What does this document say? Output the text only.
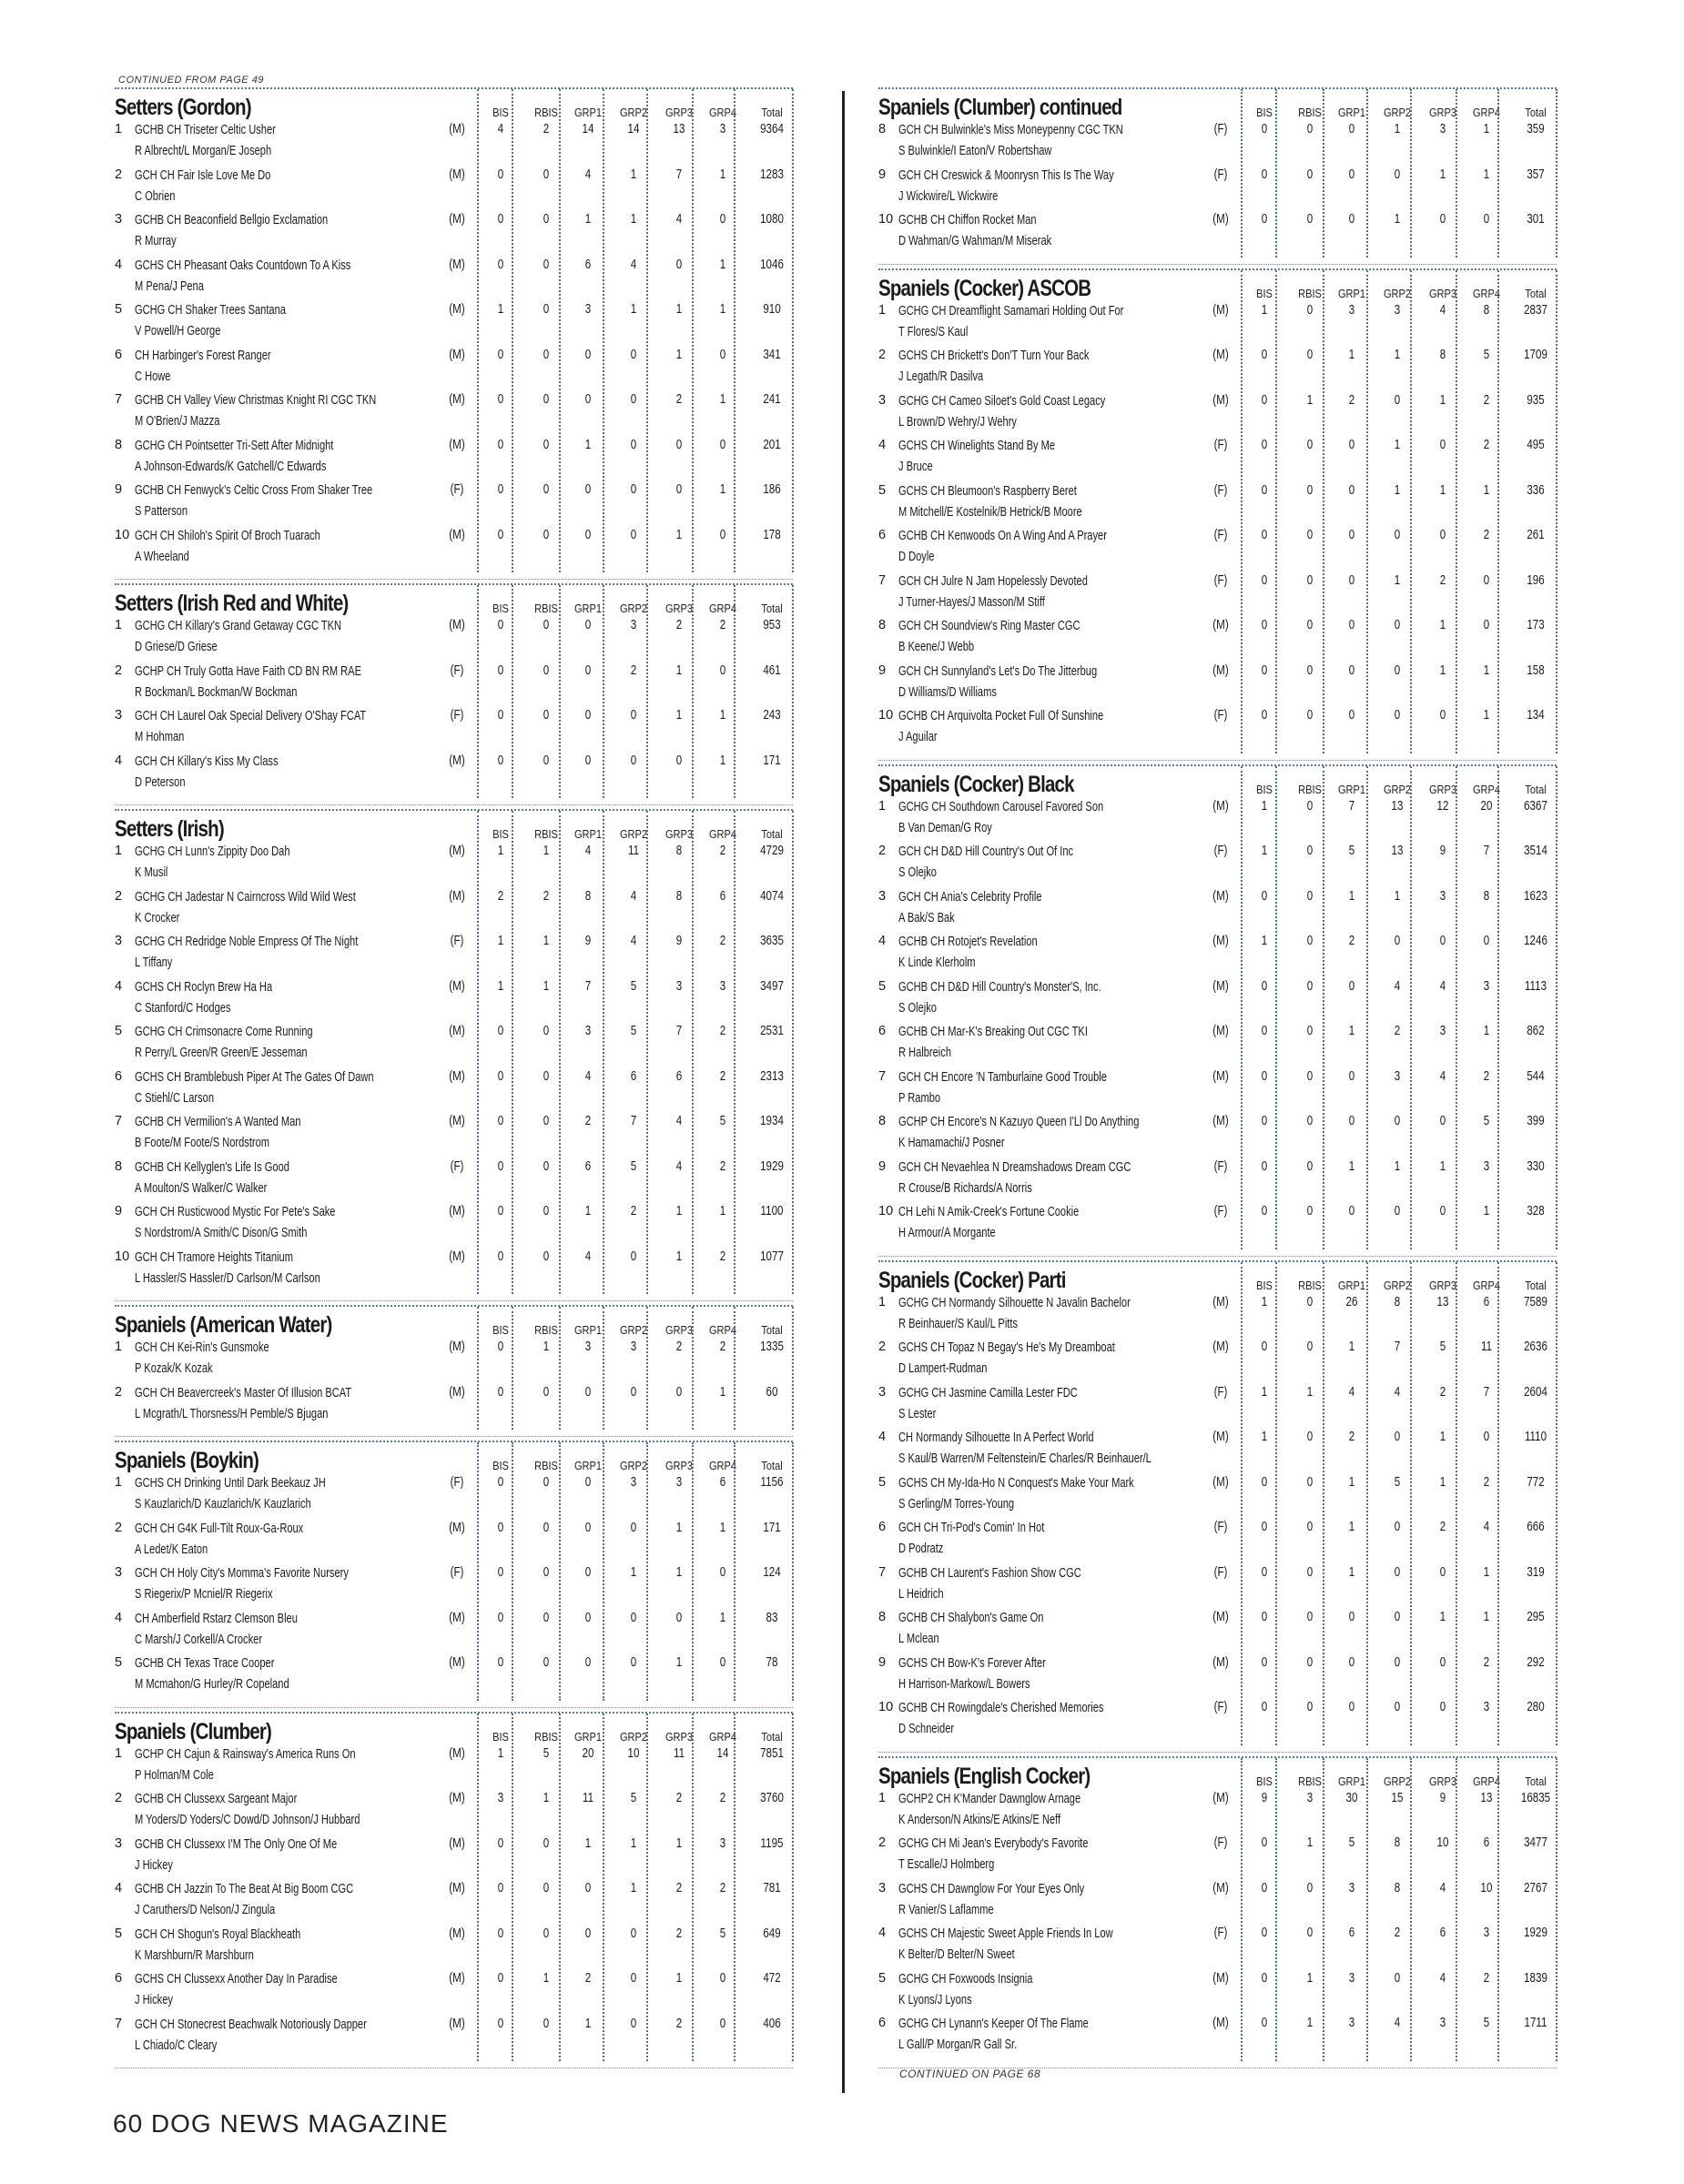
CONTINUED FROM PAGE 49
Setters (Gordon)	BIS	RBIS	GRP1 GRP2 GRP3 GRP4	Total
1 GCHB CH Triseter Celtic Usher
R Albrecht/L Morgan/E Joseph
(M)	4	2	14	14	13	3	9364
2 GCH CH Fair Isle Love Me Do
C Obrien
(M)	0	0	4	1	7	1	1283
3 GCHB CH Beaconfield Bellgio Exclamation
R Murray
(M)	0	0	1	1	4	0	1080
4 GCHS CH Pheasant Oaks Countdown To A Kiss
M Pena/J Pena
(M)	0	0	6	4	0	1	1046
5 GCHG CH Shaker Trees Santana
V Powell/H George
(M)	1	0	3	1	1	1	910
6 CH Harbinger's Forest Ranger
C Howe
(M)	0	0	0	0	1	0	341
7 GCHB CH Valley View Christmas Knight RI CGC TKN
M O'Brien/J Mazza
(M)	0	0	0	0	2	1	241
8 GCHG CH Pointsetter Tri-Sett After Midnight
A Johnson-Edwards/K Gatchell/C Edwards
(M)	0	0	1	0	0	0	201
9 GCHB CH Fenwyck's Celtic Cross From Shaker Tree
S Patterson
(F)	0	0	0	0	0	1	186
10 GCH CH Shiloh's Spirit Of Broch Tuarach
A Wheeland
(M)	0	0	0	0	1	0	178
Setters (Irish Red and White)	BIS	RBIS	GRP1 GRP2 GRP3 GRP4	Total
1 GCHG CH Killary's Grand Getaway CGC TKN
D Griese/D Griese
(M)	0	0	0	3	2	2	953
2 GCHP CH Truly Gotta Have Faith CD BN RM RAE
R Bockman/L Bockman/W Bockman
(F)	0	0	0	2	1	0	461
3 GCH CH Laurel Oak Special Delivery O'Shay FCAT
M Hohman
(F)	0	0	0	0	1	1	243
4 GCH CH Killary's Kiss My Class
D Peterson
(M)	0	0	0	0	0	1	171
Setters (Irish)	BIS	RBIS	GRP1 GRP2 GRP3 GRP4	Total
1 GCHG CH Lunn's Zippity Doo Dah
K Musil
(M)	1	1	4	11	8	2	4729
2 GCHG CH Jadestar N Cairncross Wild Wild West
K Crocker
(M)	2	2	8	4	8	6	4074
3 GCHG CH Redridge Noble Empress Of The Night
L Tiffany
(F)	1	1	9	4	9	2	3635
4 GCHS CH Roclyn Brew Ha Ha
C Stanford/C Hodges
(M)	1	1	7	5	3	3	3497
5 GCHG CH Crimsonacre Come Running
R Perry/L Green/R Green/E Jesseman
(M)	0	0	3	5	7	2	2531
6 GCHS CH Bramblebush Piper At The Gates Of Dawn
C Stiehl/C Larson
(M)	0	0	4	6	6	2	2313
7 GCHB CH Vermilion's A Wanted Man
B Foote/M Foote/S Nordstrom
(M)	0	0	2	7	4	5	1934
8 GCHB CH Kellyglen's Life Is Good
A Moulton/S Walker/C Walker
(F)	0	0	6	5	4	2	1929
9 GCH CH Rusticwood Mystic For Pete's Sake
S Nordstrom/A Smith/C Dison/G Smith
(M)	0	0	1	2	1	1	1100
10 GCH CH Tramore Heights Titanium
L Hassler/S Hassler/D Carlson/M Carlson
(M)	0	0	4	0	1	2	1077
Spaniels (American Water)	BIS	RBIS	GRP1 GRP2 GRP3 GRP4	Total
1 GCH CH Kei-Rin's Gunsmoke
P Kozak/K Kozak
(M)	0	1	3	3	2	2	1335
2 GCH CH Beavercreek's Master Of Illusion BCAT
L Mcgrath/L Thorsness/H Pemble/S Bjugan
(M)	0	0	0	0	0	1	60
Spaniels (Boykin)	BIS	RBIS	GRP1 GRP2 GRP3 GRP4	Total
1 GCHS CH Drinking Until Dark Beekauz JH
S Kauzlarich/D Kauzlarich/K Kauzlarich
(F)	0	0	0	3	3	6	1156
2 GCH CH G4K Full-Tilt Roux-Ga-Roux
A Ledet/K Eaton
(M)	0	0	0	0	1	1	171
3 GCH CH Holy City's Momma's Favorite Nursery
S Riegerix/P Mcniel/R Riegerix
(F)	0	0	0	1	1	0	124
4 CH Amberfield Rstarz Clemson Bleu
C Marsh/J Corkell/A Crocker
(M)	0	0	0	0	0	1	83
5 GCHB CH Texas Trace Cooper
M Mcmahon/G Hurley/R Copeland
(M)	0	0	0	0	1	0	78
Spaniels (Clumber)	BIS	RBIS	GRP1 GRP2 GRP3 GRP4	Total
1 GCHP CH Cajun & Rainsway's America Runs On
P Holman/M Cole
(M)	1	5	20	10	11	14	7851
2 GCHB CH Clussexx Sargeant Major
M Yoders/D Yoders/C Dowd/D Johnson/J Hubbard
(M)	3	1	11	5	2	2	3760
3 GCHB CH Clussexx I'M The Only One Of Me
J Hickey
(M)	0	0	1	1	1	3	1195
4 GCHB CH Jazzin To The Beat At Big Boom CGC
J Caruthers/D Nelson/J Zingula
(M)	0	0	0	1	2	2	781
5 GCH CH Shogun's Royal Blackheath
K Marshburn/R Marshburn
(M)	0	0	0	0	2	5	649
6 GCHS CH Clussexx Another Day In Paradise
J Hickey
(M)	0	1	2	0	1	0	472
7 GCH CH Stonecrest Beachwalk Notoriously Dapper
L Chiado/C Cleary
(M)	0	0	1	0	2	0	406
Spaniels (Clumber) continued	BIS	RBIS	GRP1 GRP2 GRP3 GRP4	Total
8 GCH CH Bulwinkle's Miss Moneypenny CGC TKN
S Bulwinkle/I Eaton/V Robertshaw
(F)	0	0	0	1	3	1	359
9 GCH CH Creswick & Moonrysn This Is The Way
J Wickwire/L Wickwire
(F)	0	0	0	0	1	1	357
10 GCHB CH Chiffon Rocket Man
D Wahman/G Wahman/M Miserak
(M)	0	0	0	1	0	0	301
Spaniels (Cocker) ASCOB	BIS	RBIS	GRP1 GRP2 GRP3 GRP4	Total
1 GCHG CH Dreamflight Samamari Holding Out For
T Flores/S Kaul
(M)	1	0	3	3	4	8	2837
2 GCHS CH Brickett's Don'T Turn Your Back
J Legath/R Dasilva
(M)	0	0	1	1	8	5	1709
3 GCHG CH Cameo Siloet's Gold Coast Legacy
L Brown/D Wehry/J Wehry
(M)	0	1	2	0	1	2	935
4 GCHS CH Winelights Stand By Me
J Bruce
(F)	0	0	0	1	0	2	495
5 GCHS CH Bleumoon's Raspberry Beret
M Mitchell/E Kostelnik/B Hetrick/B Moore
(F)	0	0	0	1	1	1	336
6 GCHB CH Kenwoods On A Wing And A Prayer
D Doyle
(F)	0	0	0	0	0	2	261
7 GCH CH Julre N Jam Hopelessly Devoted
J Turner-Hayes/J Masson/M Stiff
(F)	0	0	0	1	2	0	196
8 GCH CH Soundview's Ring Master CGC
B Keene/J Webb
(M)	0	0	0	0	1	0	173
9 GCH CH Sunnyland's Let's Do The Jitterbug
D Williams/D Williams
(M)	0	0	0	0	1	1	158
10 GCHB CH Arquivolta Pocket Full Of Sunshine
J Aguilar
(F)	0	0	0	0	0	1	134
Spaniels (Cocker) Black	BIS	RBIS	GRP1 GRP2 GRP3 GRP4	Total
1 GCHG CH Southdown Carousel Favored Son
B Van Deman/G Roy
(M)	1	0	7	13	12	20	6367
2 GCH CH D&D Hill Country's Out Of Inc
S Olejko
(F)	1	0	5	13	9	7	3514
3 GCH CH Ania's Celebrity Profile
A Bak/S Bak
(M)	0	0	1	1	3	8	1623
4 GCHB CH Rotojet's Revelation
K Linde Klerholm
(M)	1	0	2	0	0	0	1246
5 GCHB CH D&D Hill Country's Monster'S, Inc.
S Olejko
(M)	0	0	0	4	4	3	1113
6 GCHB CH Mar-K's Breaking Out CGC TKI
R Halbreich
(M)	0	0	1	2	3	1	862
7 GCH CH Encore 'N Tamburlaine Good Trouble
P Rambo
(M)	0	0	0	3	4	2	544
8 GCHP CH Encore's N Kazuyo Queen I'Ll Do Anything
K Hamamachi/J Posner
(M)	0	0	0	0	0	5	399
9 GCH CH Nevaehlea N Dreamshadows Dream CGC
R Crouse/B Richards/A Norris
(F)	0	0	1	1	1	3	330
10 CH Lehi N Amik-Creek's Fortune Cookie
H Armour/A Morgante
(F)	0	0	0	0	0	1	328
Spaniels (Cocker) Parti	BIS	RBIS	GRP1 GRP2 GRP3 GRP4	Total
1 GCHG CH Normandy Silhouette N Javalin Bachelor
R Beinhauer/S Kaul/L Pitts
(M)	1	0	26	8	13	6	7589
2 GCHS CH Topaz N Begay's He's My Dreamboat
D Lampert-Rudman
(M)	0	0	1	7	5	11	2636
3 GCHG CH Jasmine Camilla Lester FDC
S Lester
(F)	1	1	4	4	2	7	2604
4 CH Normandy Silhouette In A Perfect World
S Kaul/B Warren/M Feltenstein/E Charles/R Beinhauer/L
(M)	1	0	2	0	1	0	1110
5 GCHS CH My-Ida-Ho N Conquest's Make Your Mark
S Gerling/M Torres-Young
(M)	0	0	1	5	1	2	772
6 GCH CH Tri-Pod's Comin' In Hot
D Podratz
(F)	0	0	1	0	2	4	666
7 GCHB CH Laurent's Fashion Show CGC
L Heidrich
(F)	0	0	1	0	0	1	319
8 GCHB CH Shalybon's Game On
L Mclean
(M)	0	0	0	0	1	1	295
9 GCHS CH Bow-K's Forever After
H Harrison-Markow/L Bowers
(M)	0	0	0	0	0	2	292
10 GCHB CH Rowingdale's Cherished Memories
D Schneider
(F)	0	0	0	0	0	3	280
Spaniels (English Cocker)	BIS	RBIS	GRP1 GRP2 GRP3 GRP4	Total
1 GCHP2 CH K'Mander Dawnglow Arnage
K Anderson/N Atkins/E Atkins/E Neff
(M)	9	3	30	15	9	13	16835
2 GCHG CH Mi Jean's Everybody's Favorite
T Escalle/J Holmberg
(F)	0	1	5	8	10	6	3477
3 GCHS CH Dawnglow For Your Eyes Only
R Vanier/S Laflamme
(M)	0	0	3	8	4	10	2767
4 GCHS CH Majestic Sweet Apple Friends In Low
K Belter/D Belter/N Sweet
(F)	0	0	6	2	6	3	1929
5 GCHG CH Foxwoods Insignia
K Lyons/J Lyons
(M)	0	1	3	0	4	2	1839
6 GCHG CH Lynann's Keeper Of The Flame
L Gall/P Morgan/R Gall Sr.
(M)	0	1	3	4	3	5	1711
CONTINUED ON PAGE 68
60 DOG NEWS MAGAZINE
